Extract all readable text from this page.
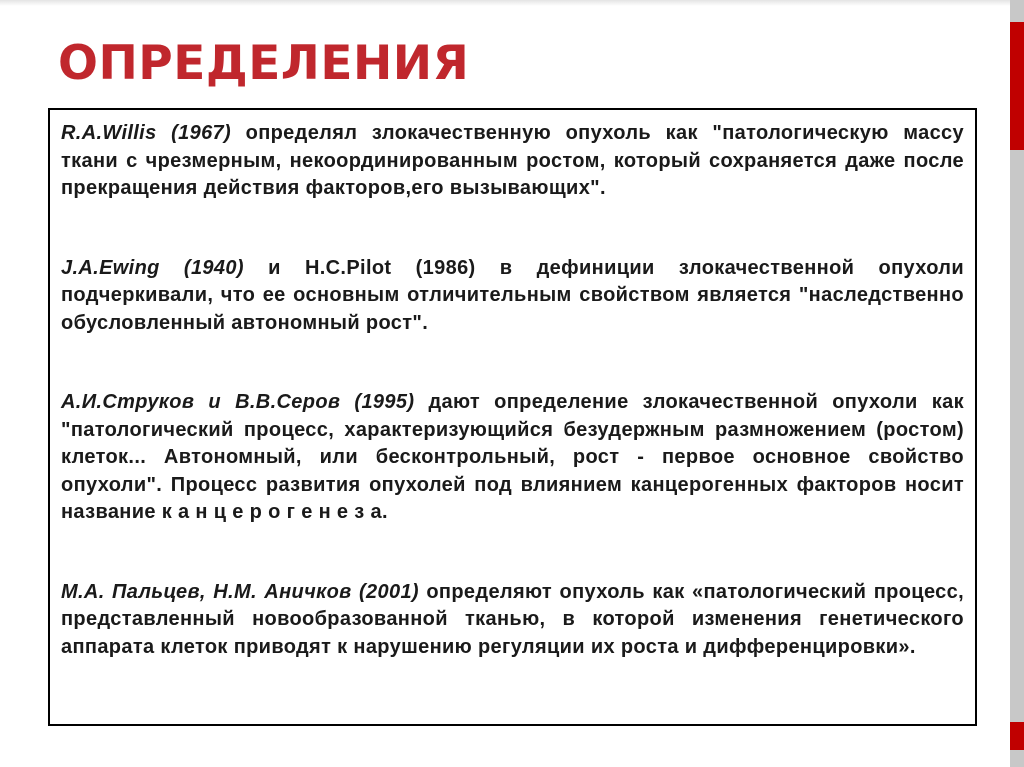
ОПРЕДЕЛЕНИЯ

R.A.Willis (1967) определял злокачественную опухоль как "патологическую массу ткани с чрезмерным, некоординированным ростом, который сохраняется даже после прекращения действия факторов,его вызывающих".

J.A.Ewing (1940) и H.C.Pilot (1986) в дефиниции злокачественной опухоли подчеркивали, что ее основным отличительным свойством является "наследственно обусловленный автономный рост".

А.И.Струков и В.В.Серов (1995) дают определение злокачественной опухоли как "патологический процесс, характеризующийся безудержным размножением (ростом) клеток... Автономный, или бесконтрольный, рост - первое основное свойство опухоли". Процесс развития опухолей под влиянием канцерогенных факторов носит название к а н ц е р о г е н е з а.

М.А. Пальцев, Н.М. Аничков (2001) определяют опухоль как «патологический процесс, представленный новообразованной тканью, в которой изменения генетического аппарата клеток приводят к нарушению регуляции их роста и дифференцировки».
